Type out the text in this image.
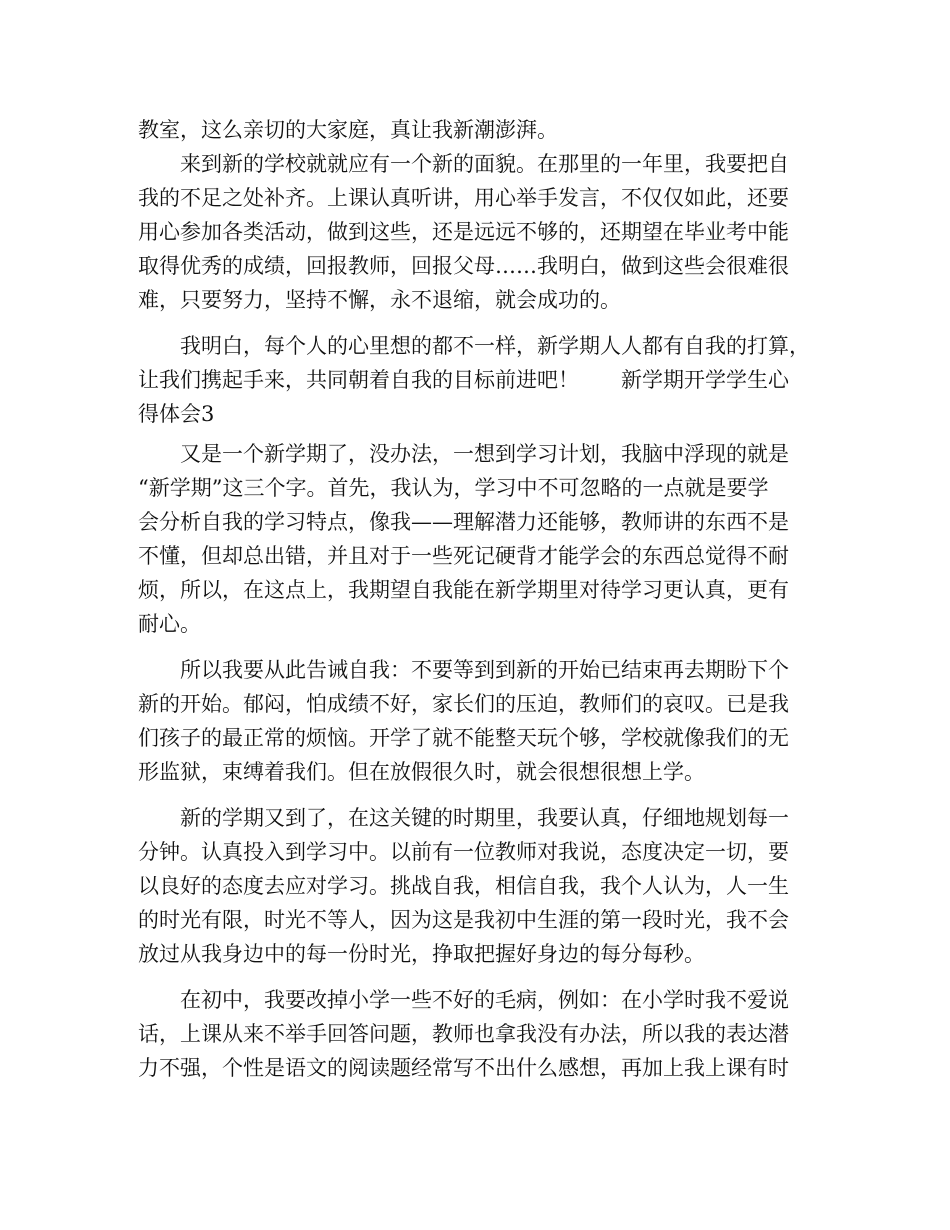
教室，这么亲切的大家庭，真让我新潮澎湃。

来到新的学校就就应有一个新的面貌。在那里的一年里，我要把自

我的不足之处补齐。上课认真听讲，用心举手发言，不仅仅如此，还要

用心参加各类活动，做到这些，还是远远不够的，还期望在毕业考中能

取得优秀的成绩，回报教师，回报父母……我明白，做到这些会很难很

难，只要努力，坚持不懈，永不退缩，就会成功的。

我明白，每个人的心里想的都不一样，新学期人人都有自我的打算，

让我们携起手来，共同朝着自我的目标前进吧！　　新学期开学学生心

得体会3

又是一个新学期了，没办法，一想到学习计划，我脑中浮现的就是

“新学期”这三个字。首先，我认为，学习中不可忽略的一点就是要学

会分析自我的学习特点，像我——理解潜力还能够，教师讲的东西不是

不懂，但却总出错，并且对于一些死记硬背才能学会的东西总觉得不耐

烦，所以，在这点上，我期望自我能在新学期里对待学习更认真，更有

耐心。

所以我要从此告诫自我：不要等到到新的开始已结束再去期盼下个

新的开始。郁闷，怕成绩不好，家长们的压迫，教师们的哀叹。已是我

们孩子的最正常的烦恼。开学了就不能整天玩个够，学校就像我们的无

形监狱，束缚着我们。但在放假很久时，就会很想很想上学。

新的学期又到了，在这关键的时期里，我要认真，仔细地规划每一

分钟。认真投入到学习中。以前有一位教师对我说，态度决定一切，要

以良好的态度去应对学习。挑战自我，相信自我，我个人认为，人一生

的时光有限，时光不等人，因为这是我初中生涯的第一段时光，我不会

放过从我身边中的每一份时光，挣取把握好身边的每分每秒。

在初中，我要改掉小学一些不好的毛病，例如：在小学时我不爱说

话，上课从来不举手回答问题，教师也拿我没有办法，所以我的表达潜

力不强，个性是语文的阅读题经常写不出什么感想，再加上我上课有时
